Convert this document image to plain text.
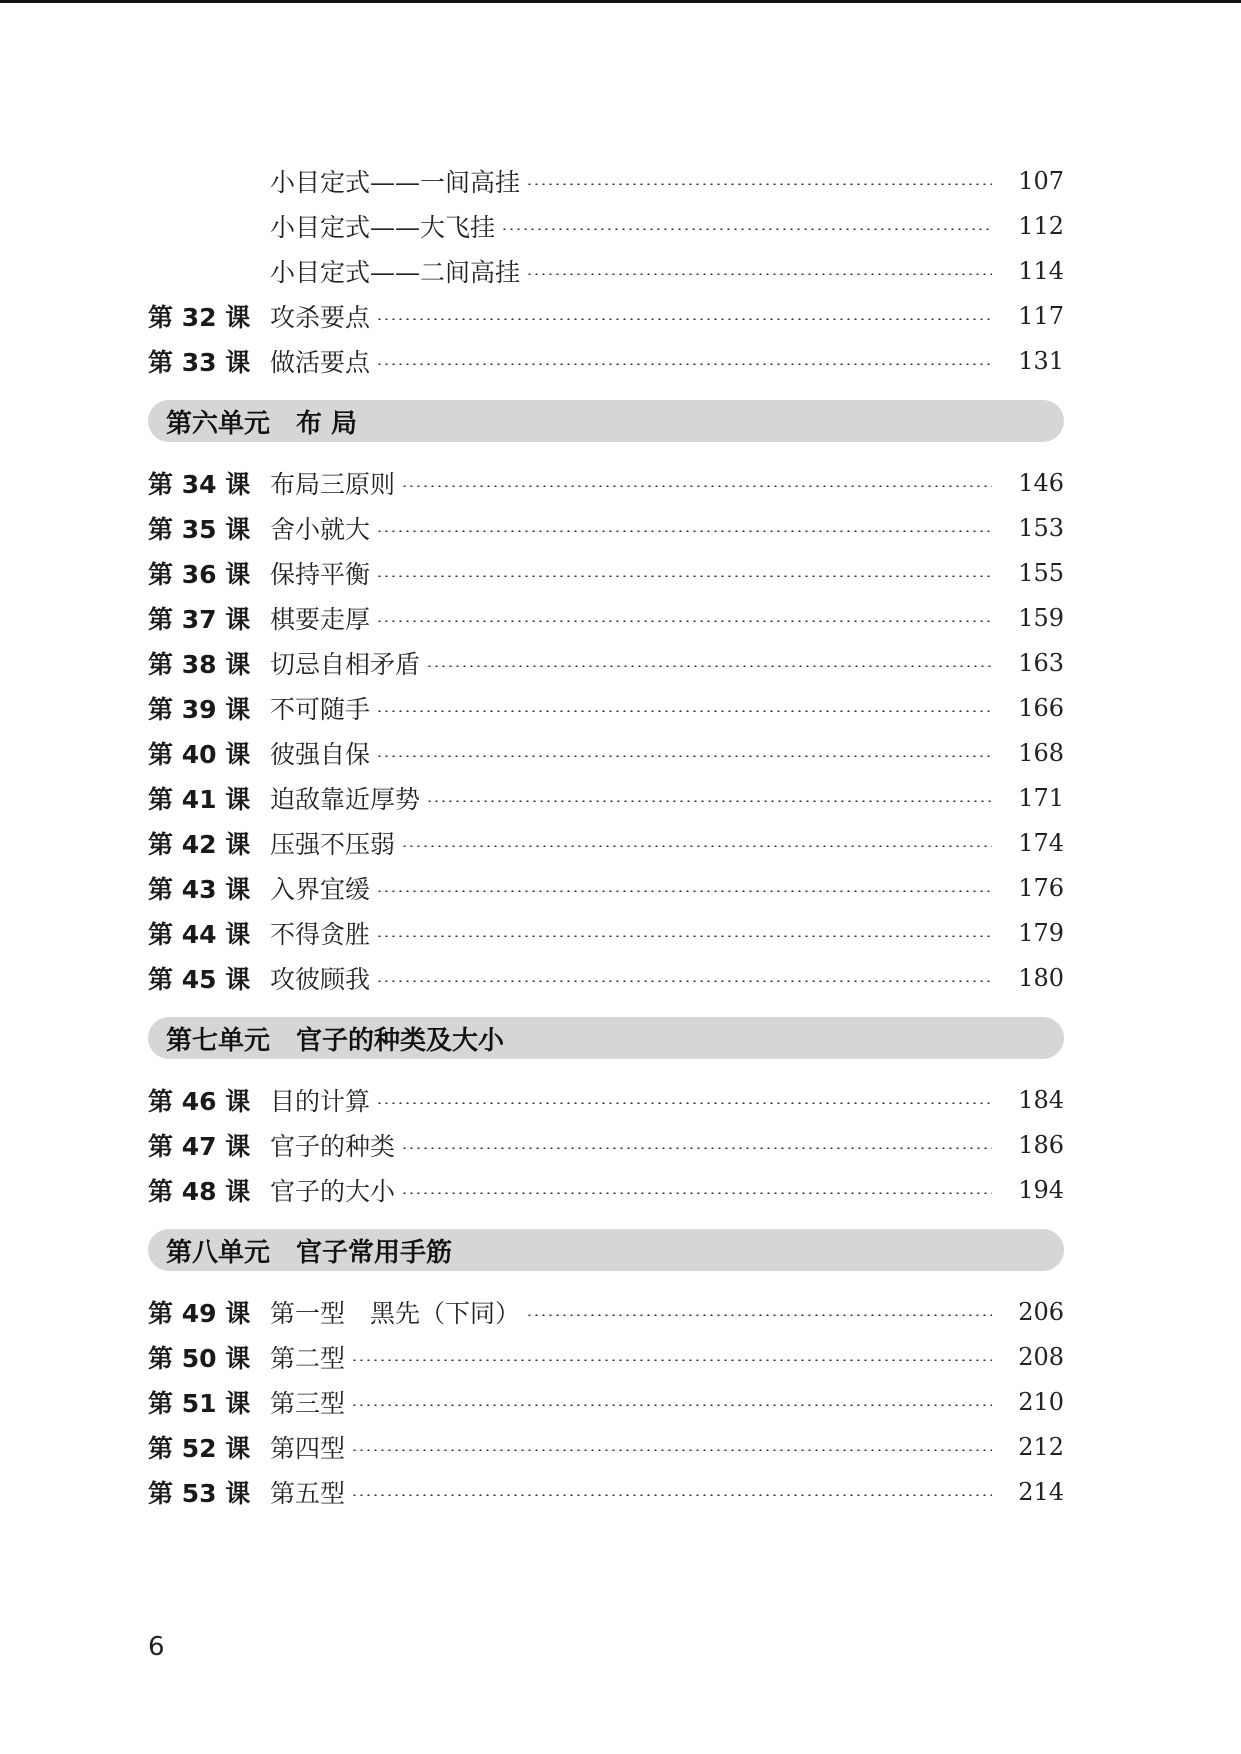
小目定式——一间高挂	107
小目定式——大飞挂	112
小目定式——二间高挂	114
第 32 课 攻杀要点	117
第 33 课 做活要点	131
第六单元　布 局
第 34 课 布局三原则	146
第 35 课 舍小就大	153
第 36 课 保持平衡	155
第 37 课 棋要走厚	159
第 38 课 切忌自相矛盾	163
第 39 课 不可随手	166
第 40 课 彼强自保	168
第 41 课 迫敌靠近厚势	171
第 42 课 压强不压弱	174
第 43 课 入界宜缓	176
第 44 课 不得贪胜	179
第 45 课 攻彼顾我	180
第七单元　官子的种类及大小
第 46 课 目的计算	184
第 47 课 官子的种类	186
第 48 课 官子的大小	194
第八单元　官子常用手筋
第 49 课 第一型　黑先（下同）	206
第 50 课 第二型	208
第 51 课 第三型	210
第 52 课 第四型	212
第 53 课 第五型	214
6
